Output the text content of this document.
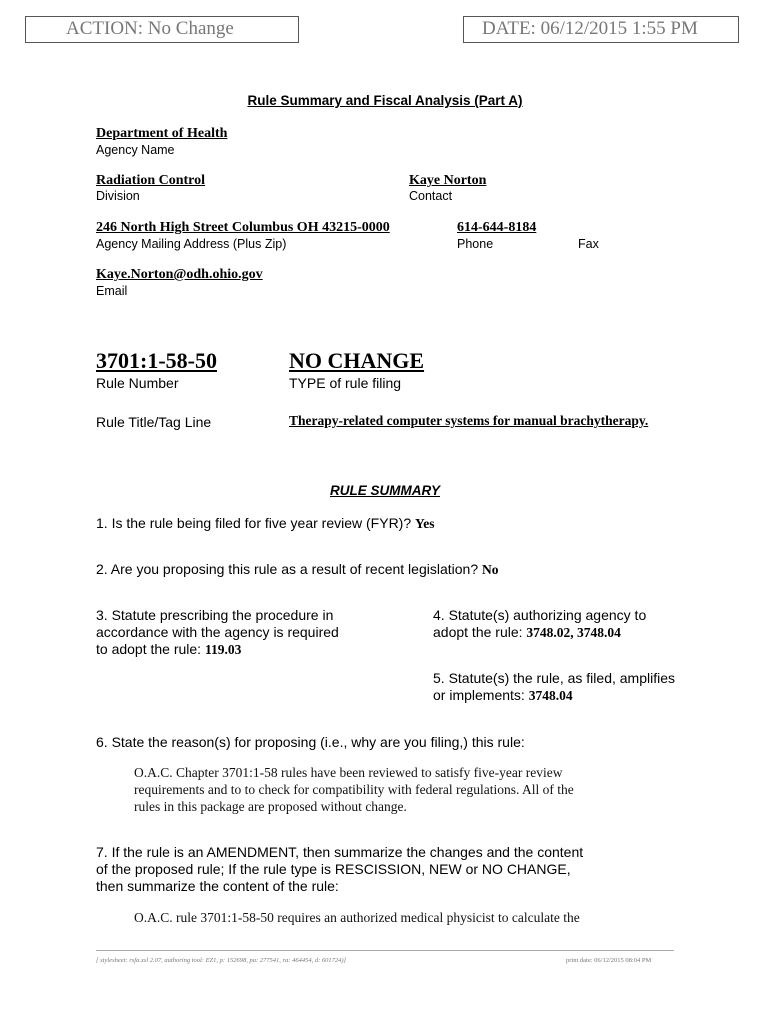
ACTION: No Change	DATE: 06/12/2015 1:55 PM
Rule Summary and Fiscal Analysis (Part A)
Department of Health
Agency Name
Radiation Control
Division
Kaye Norton
Contact
246 North High Street Columbus OH 43215-0000
Agency Mailing Address (Plus Zip)
614-644-8184
Phone	Fax
Kaye.Norton@odh.ohio.gov
Email
3701:1-58-50
Rule Number
NO CHANGE
TYPE of rule filing
Rule Title/Tag Line	Therapy-related computer systems for manual brachytherapy.
RULE SUMMARY
1. Is the rule being filed for five year review (FYR)? Yes
2. Are you proposing this rule as a result of recent legislation? No
3. Statute prescribing the procedure in
accordance with the agency is required
to adopt the rule: 119.03
4. Statute(s) authorizing agency to
adopt the rule: 3748.02, 3748.04
5. Statute(s) the rule, as filed, amplifies
or implements: 3748.04
6. State the reason(s) for proposing (i.e., why are you filing,) this rule:
O.A.C. Chapter 3701:1-58 rules have been reviewed to satisfy five-year review
requirements and to to check for compatibility with federal regulations. All of the
rules in this package are proposed without change.
7. If the rule is an AMENDMENT, then summarize the changes and the content
of the proposed rule; If the rule type is RESCISSION, NEW or NO CHANGE,
then summarize the content of the rule:
O.A.C. rule 3701:1-58-50 requires an authorized medical physicist to calculate the
[ stylesheet: rsfa.xsl 2.07, authoring tool: EZ1, p: 152698, pa: 277541, ra: 464454, d: 601724)]	print date: 06/12/2015 08:04 PM
